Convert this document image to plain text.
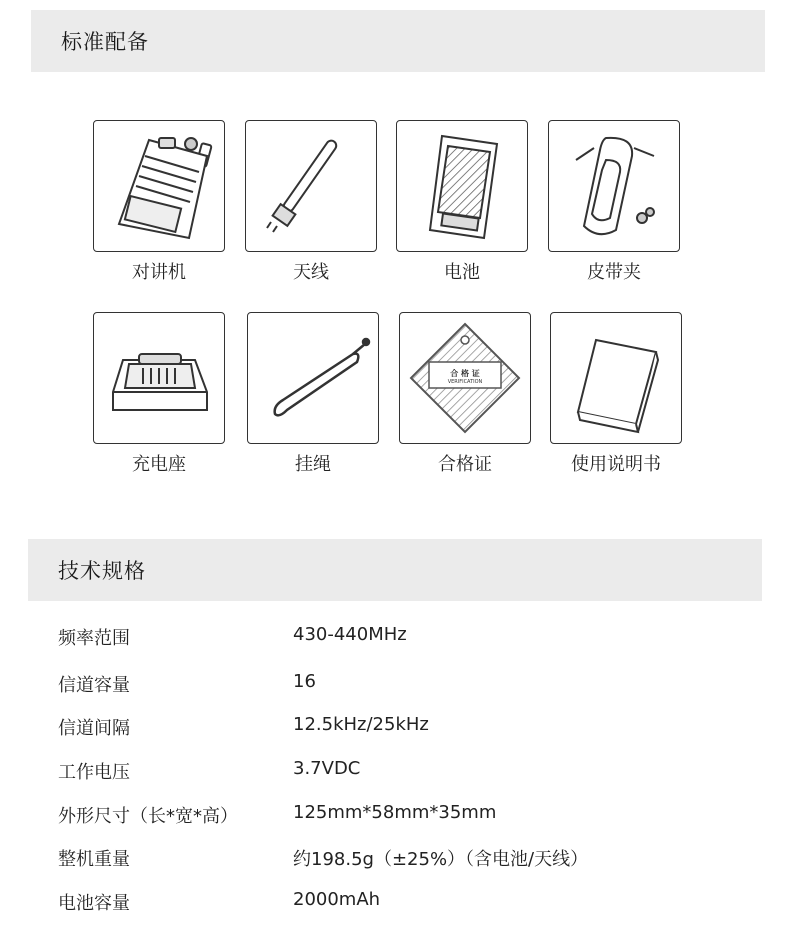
标准配备
对讲机	天线	电池	皮带夹
充电座	挂绳
合 格 证
VERIFICATION
合格证	使用说明书
技术规格
频率范围	430-440MHz
信道容量	16
信道间隔	12.5kHz/25kHz
工作电压	3.7VDC
外形尺寸（长*宽*高）	125mm*58mm*35mm
整机重量	约198.5g（±25%）（含电池/天线）
电池容量	2000mAh
